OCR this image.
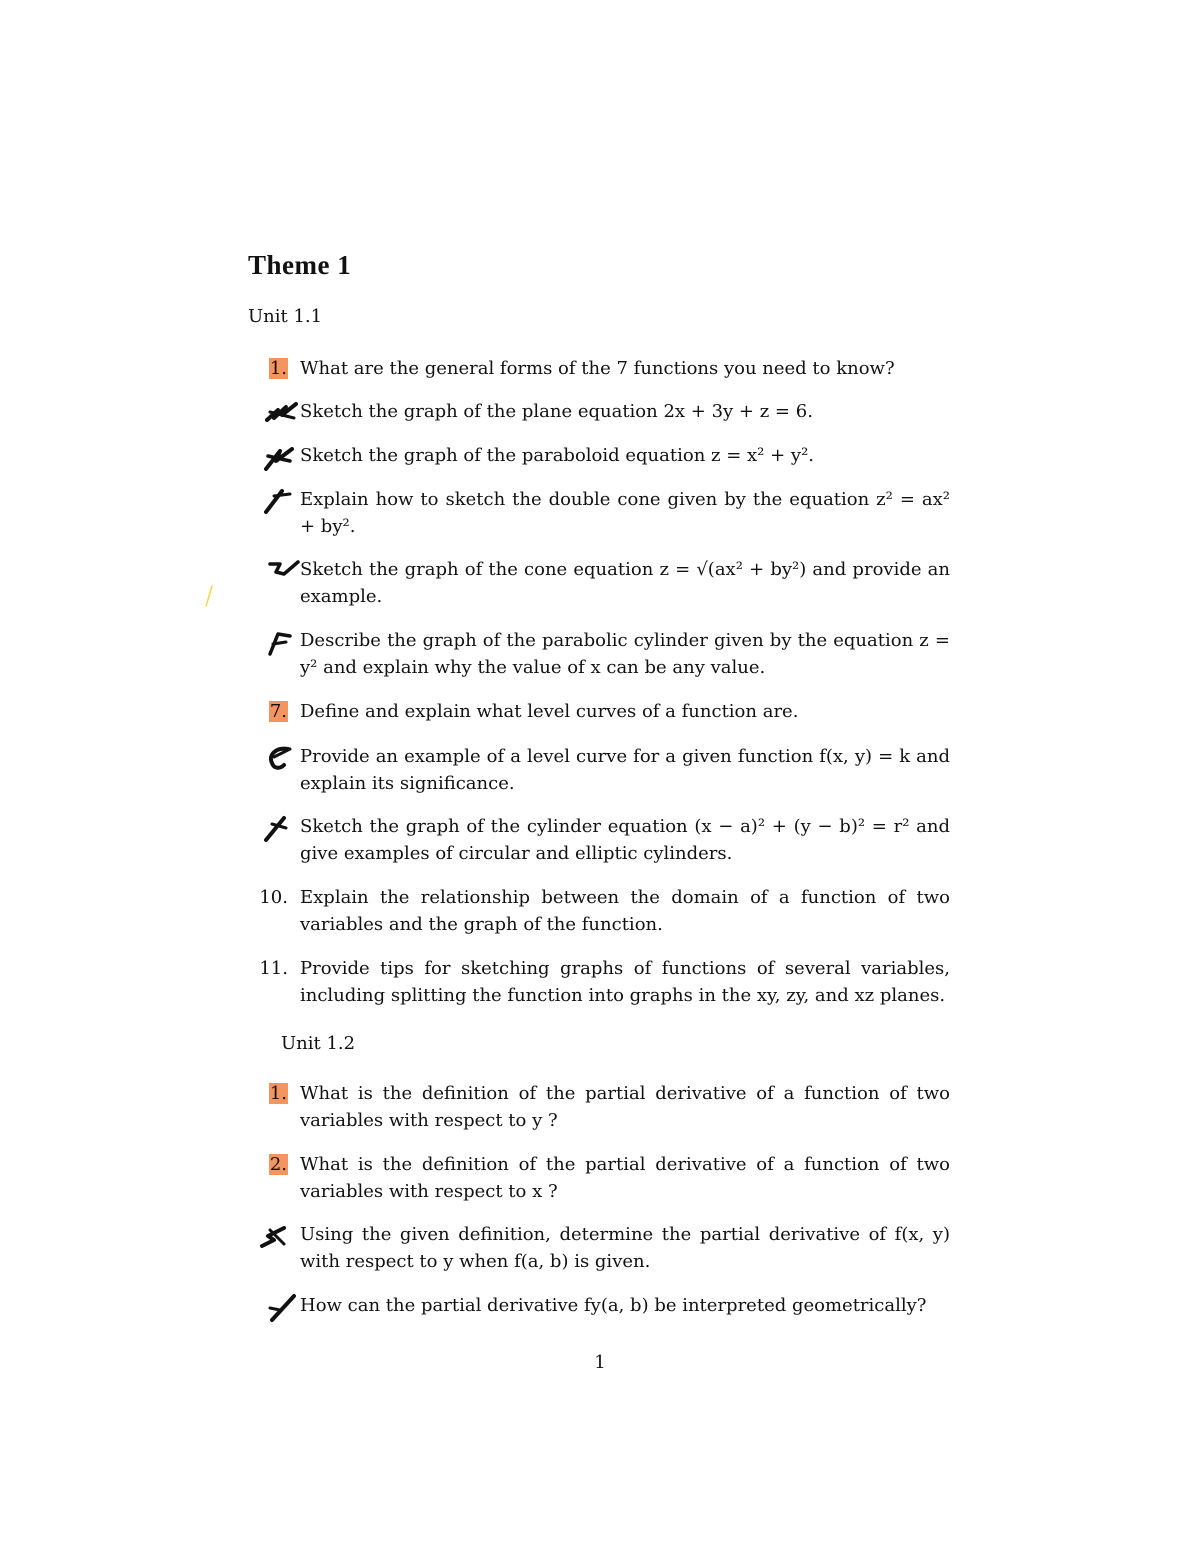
Theme 1
Unit 1.1
1. What are the general forms of the 7 functions you need to know?
Sketch the graph of the plane equation 2x + 3y + z = 6.
Sketch the graph of the paraboloid equation z = x² + y².
Explain how to sketch the double cone given by the equation z² = ax² + by².
Sketch the graph of the cone equation z = √(ax² + by²) and provide an example.
Describe the graph of the parabolic cylinder given by the equation z = y² and explain why the value of x can be any value.
7. Define and explain what level curves of a function are.
Provide an example of a level curve for a given function f(x, y) = k and explain its significance.
Sketch the graph of the cylinder equation (x − a)² + (y − b)² = r² and give examples of circular and elliptic cylinders.
10. Explain the relationship between the domain of a function of two variables and the graph of the function.
11. Provide tips for sketching graphs of functions of several variables, including splitting the function into graphs in the xy, zy, and xz planes.
Unit 1.2
1. What is the definition of the partial derivative of a function of two variables with respect to y ?
2. What is the definition of the partial derivative of a function of two variables with respect to x ?
Using the given definition, determine the partial derivative of f(x, y) with respect to y when f(a, b) is given.
How can the partial derivative fy(a, b) be interpreted geometrically?
1
